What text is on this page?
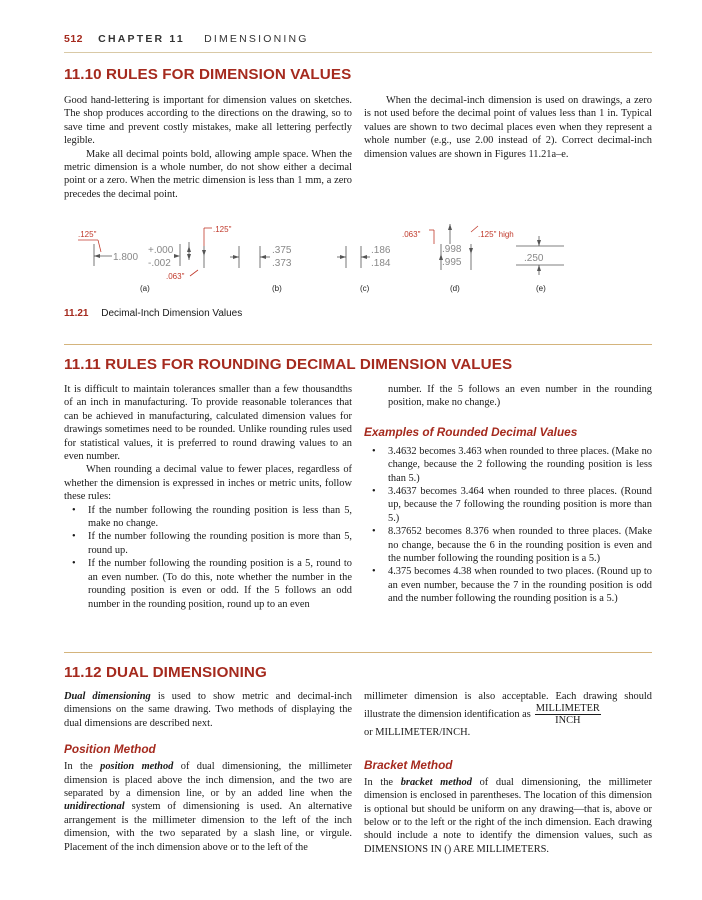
512 CHAPTER 11 DIMENSIONING
11.10 RULES FOR DIMENSION VALUES

Good hand-lettering is important for dimension values on sketches. The shop produces according to the directions on the drawing, so to save time and prevent costly mistakes, make all lettering perfectly legible.

Make all decimal points bold, allowing ample space. When the metric dimension is a whole number, do not show either a decimal point or a zero. When the metric dimension is less than 1 mm, a zero precedes the decimal point.

When the decimal-inch dimension is used on drawings, a zero is not used before the decimal point of values less than 1 in. Typical values are shown to two decimal places even when they represent a whole number (e.g., use 2.00 instead of 2). Correct decimal-inch dimension values are shown in Figures 11.21a–e.

.125"
1.800
+.000
-.002
.125"
.063"
(a)
.375
.373
(b)
.186
.184
(c)
.063"
.998
.995
.125" high
(d)
.250
(e)
11.21 Decimal-Inch Dimension Values
11.11 RULES FOR ROUNDING DECIMAL DIMENSION VALUES

It is difficult to maintain tolerances smaller than a few thousandths of an inch in manufacturing. To provide reasonable tolerances that can be achieved in manufacturing, calculated dimension values for drawings sometimes need to be rounded. Unlike rounding rules used for statistical values, it is preferred to round drawing values to an even number.

When rounding a decimal value to fewer places, regardless of whether the dimension is expressed in inches or metric units, follow these rules:

• If the number following the rounding position is less than 5, make no change.
• If the number following the rounding position is more than 5, round up.
• If the number following the rounding position is a 5, round to an even number. (To do this, note whether the number in the rounding position is even or odd. If the 5 follows an odd number in the rounding position, round up to an even

number. If the 5 follows an even number in the rounding position, make no change.)

Examples of Rounded Decimal Values
• 3.4632 becomes 3.463 when rounded to three places. (Make no change, because the 2 following the rounding position is less than 5.)
• 3.4637 becomes 3.464 when rounded to three places. (Round up, because the 7 following the rounding position is more than 5.)
• 8.37652 becomes 8.376 when rounded to three places. (Make no change, because the 6 in the rounding position is even and the number following the rounding position is a 5.)
• 4.375 becomes 4.38 when rounded to two places. (Round up to an even number, because the 7 in the rounding position is odd and the number following the rounding position is a 5.)
11.12 DUAL DIMENSIONING

Dual dimensioning is used to show metric and decimal-inch dimensions on the same drawing. Two methods of displaying the dual dimensions are described next.

Position Method

In the position method of dual dimensioning, the millimeter dimension is placed above the inch dimension, and the two are separated by a dimension line, or by an added line when the unidirectional system of dimensioning is used. An alternative arrangement is the millimeter dimension to the left of the inch dimension, with the two separated by a slash line, or virgule. Placement of the inch dimension above or to the left of the

millimeter dimension is also acceptable. Each drawing should illustrate the dimension identification as $\frac{\text{MILLIMETER}}{\text{INCH}}$

or MILLIMETER/INCH.

Bracket Method

In the bracket method of dual dimensioning, the millimeter dimension is enclosed in parentheses. The location of this dimension is optional but should be uniform on any drawing—that is, above or below or to the left or the right of the inch dimension. Each drawing should include a note to identify the dimension values, such as DIMENSIONS IN () ARE MILLIMETERS.
